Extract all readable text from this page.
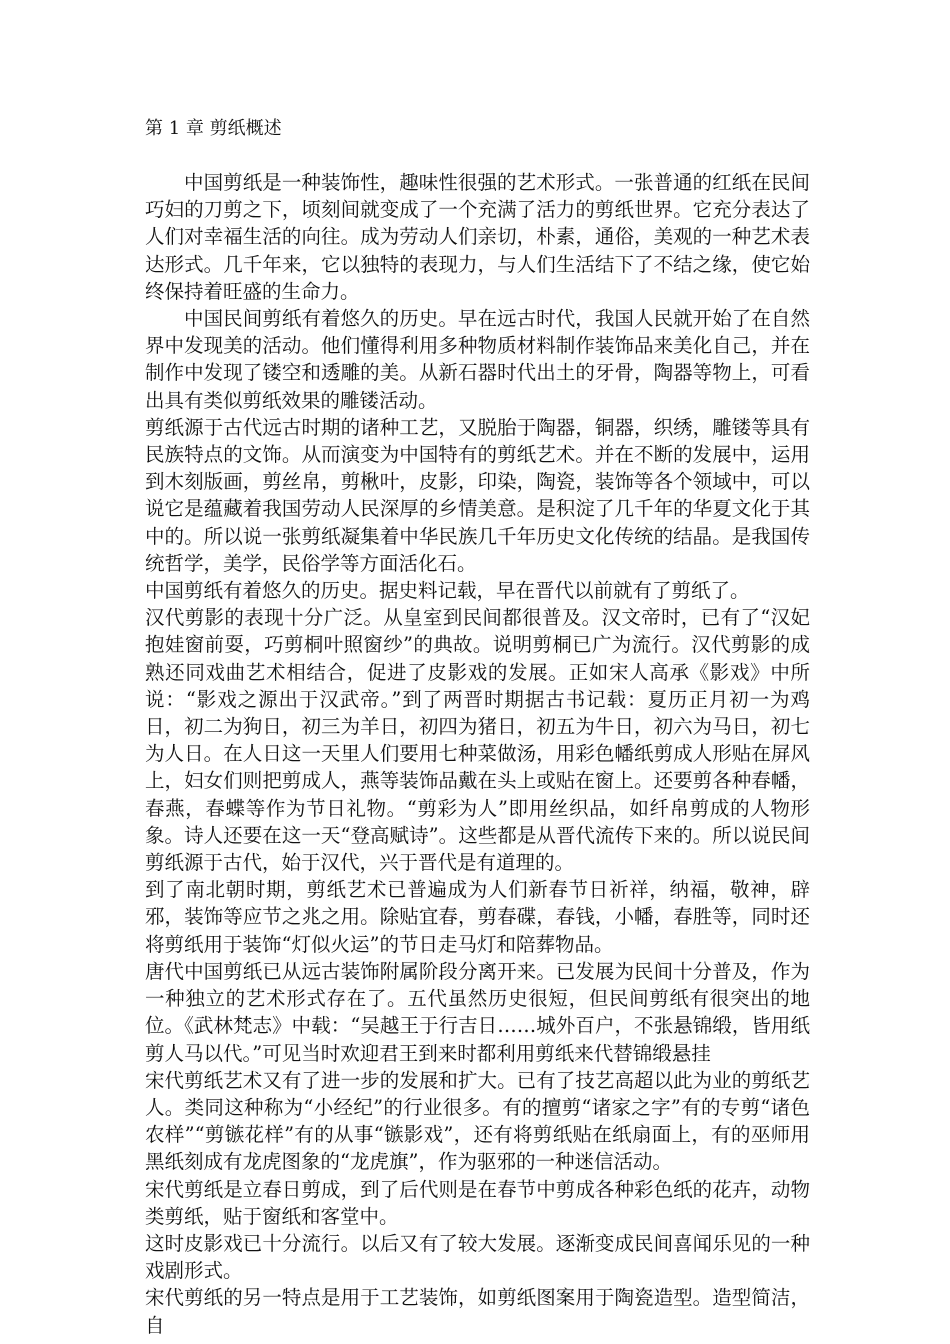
第 1 章 剪纸概述

中国剪纸是一种装饰性，趣味性很强的艺术形式。一张普通的红纸在民间巧妇的刀剪之下，顷刻间就变成了一个充满了活力的剪纸世界。它充分表达了人们对幸福生活的向往。成为劳动人们亲切，朴素，通俗，美观的一种艺术表达形式。几千年来，它以独特的表现力，与人们生活结下了不结之缘，使它始终保持着旺盛的生命力。

中国民间剪纸有着悠久的历史。早在远古时代，我国人民就开始了在自然界中发现美的活动。他们懂得利用多种物质材料制作装饰品来美化自己，并在制作中发现了镂空和透雕的美。从新石器时代出土的牙骨，陶器等物上，可看出具有类似剪纸效果的雕镂活动。

剪纸源于古代远古时期的诸种工艺，又脱胎于陶器，铜器，织绣，雕镂等具有民族特点的文饰。从而演变为中国特有的剪纸艺术。并在不断的发展中，运用到木刻版画，剪丝帛，剪楸叶，皮影，印染，陶瓷，装饰等各个领域中，可以说它是蕴藏着我国劳动人民深厚的乡情美意。是积淀了几千年的华夏文化于其中的。所以说一张剪纸凝集着中华民族几千年历史文化传统的结晶。是我国传统哲学，美学，民俗学等方面活化石。

中国剪纸有着悠久的历史。据史料记载，早在晋代以前就有了剪纸了。

汉代剪影的表现十分广泛。从皇室到民间都很普及。汉文帝时，已有了“汉妃抱娃窗前耍，巧剪桐叶照窗纱”的典故。说明剪桐已广为流行。汉代剪影的成熟还同戏曲艺术相结合，促进了皮影戏的发展。正如宋人高承《影戏》中所说：“影戏之源出于汉武帝。”到了两晋时期据古书记载：夏历正月初一为鸡日，初二为狗日，初三为羊日，初四为猪日，初五为牛日，初六为马日，初七为人日。在人日这一天里人们要用七种菜做汤，用彩色幡纸剪成人形贴在屏风上，妇女们则把剪成人，燕等装饰品戴在头上或贴在窗上。还要剪各种春幡，春燕，春蝶等作为节日礼物。“剪彩为人”即用丝织品，如纤帛剪成的人物形象。诗人还要在这一天“登高赋诗”。这些都是从晋代流传下来的。所以说民间剪纸源于古代，始于汉代，兴于晋代是有道理的。

到了南北朝时期，剪纸艺术已普遍成为人们新春节日祈祥，纳福，敬神，辟邪，装饰等应节之兆之用。除贴宜春，剪春碟，春钱，小幡，春胜等，同时还将剪纸用于装饰“灯似火运”的节日走马灯和陪葬物品。

唐代中国剪纸已从远古装饰附属阶段分离开来。已发展为民间十分普及，作为一种独立的艺术形式存在了。五代虽然历史很短，但民间剪纸有很突出的地位。《武林梵志》中载：“吴越王于行吉日……城外百户，不张悬锦缎，皆用纸剪人马以代。”可见当时欢迎君王到来时都利用剪纸来代替锦缎悬挂

宋代剪纸艺术又有了进一步的发展和扩大。已有了技艺高超以此为业的剪纸艺人。类同这种称为“小经纪”的行业很多。有的擅剪“诸家之字”有的专剪“诸色农样”“剪镞花样”有的从事“镞影戏”，还有将剪纸贴在纸扇面上，有的巫师用黑纸刻成有龙虎图象的“龙虎旗”，作为驱邪的一种迷信活动。

宋代剪纸是立春日剪成，到了后代则是在春节中剪成各种彩色纸的花卉，动物类剪纸，贴于窗纸和客堂中。

这时皮影戏已十分流行。以后又有了较大发展。逐渐变成民间喜闻乐见的一种戏剧形式。

宋代剪纸的另一特点是用于工艺装饰，如剪纸图案用于陶瓷造型。造型简洁，自
